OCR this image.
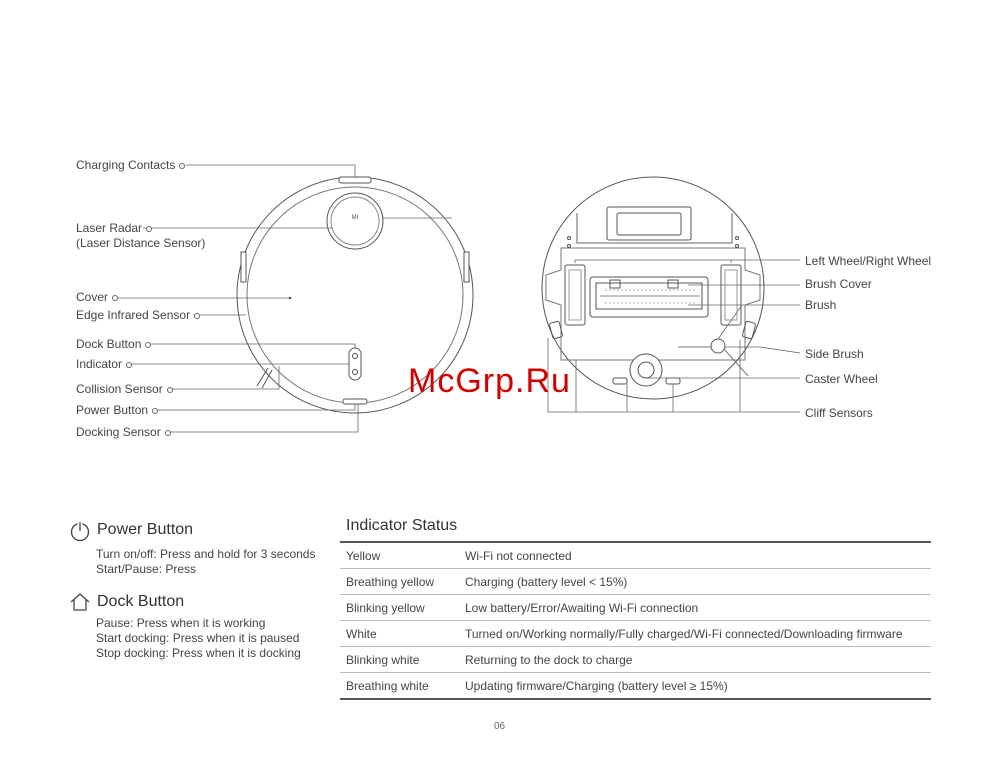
MI
Charging Contacts
Laser Radar
(Laser Distance Sensor)
Cover
Edge Infrared Sensor
Dock Button
Indicator
Collision Sensor
Power Button
Docking Sensor
Left Wheel/Right Wheel
Brush Cover
Brush
Side Brush
Caster Wheel
Cliff Sensors
McGrp.Ru
Power Button
Turn on/off: Press and hold for 3 seconds
Start/Pause: Press
Dock Button
Pause: Press when it is working
Start docking: Press when it is paused
Stop docking: Press when it is docking
Indicator Status
Yellow	Wi-Fi not connected
Breathing yellow	Charging (battery level < 15%)
Blinking yellow	Low battery/Error/Awaiting Wi-Fi connection
White	Turned on/Working normally/Fully charged/Wi-Fi connected/Downloading firmware
Blinking white	Returning to the dock to charge
Breathing white	Updating firmware/Charging (battery level ≥ 15%)
06
